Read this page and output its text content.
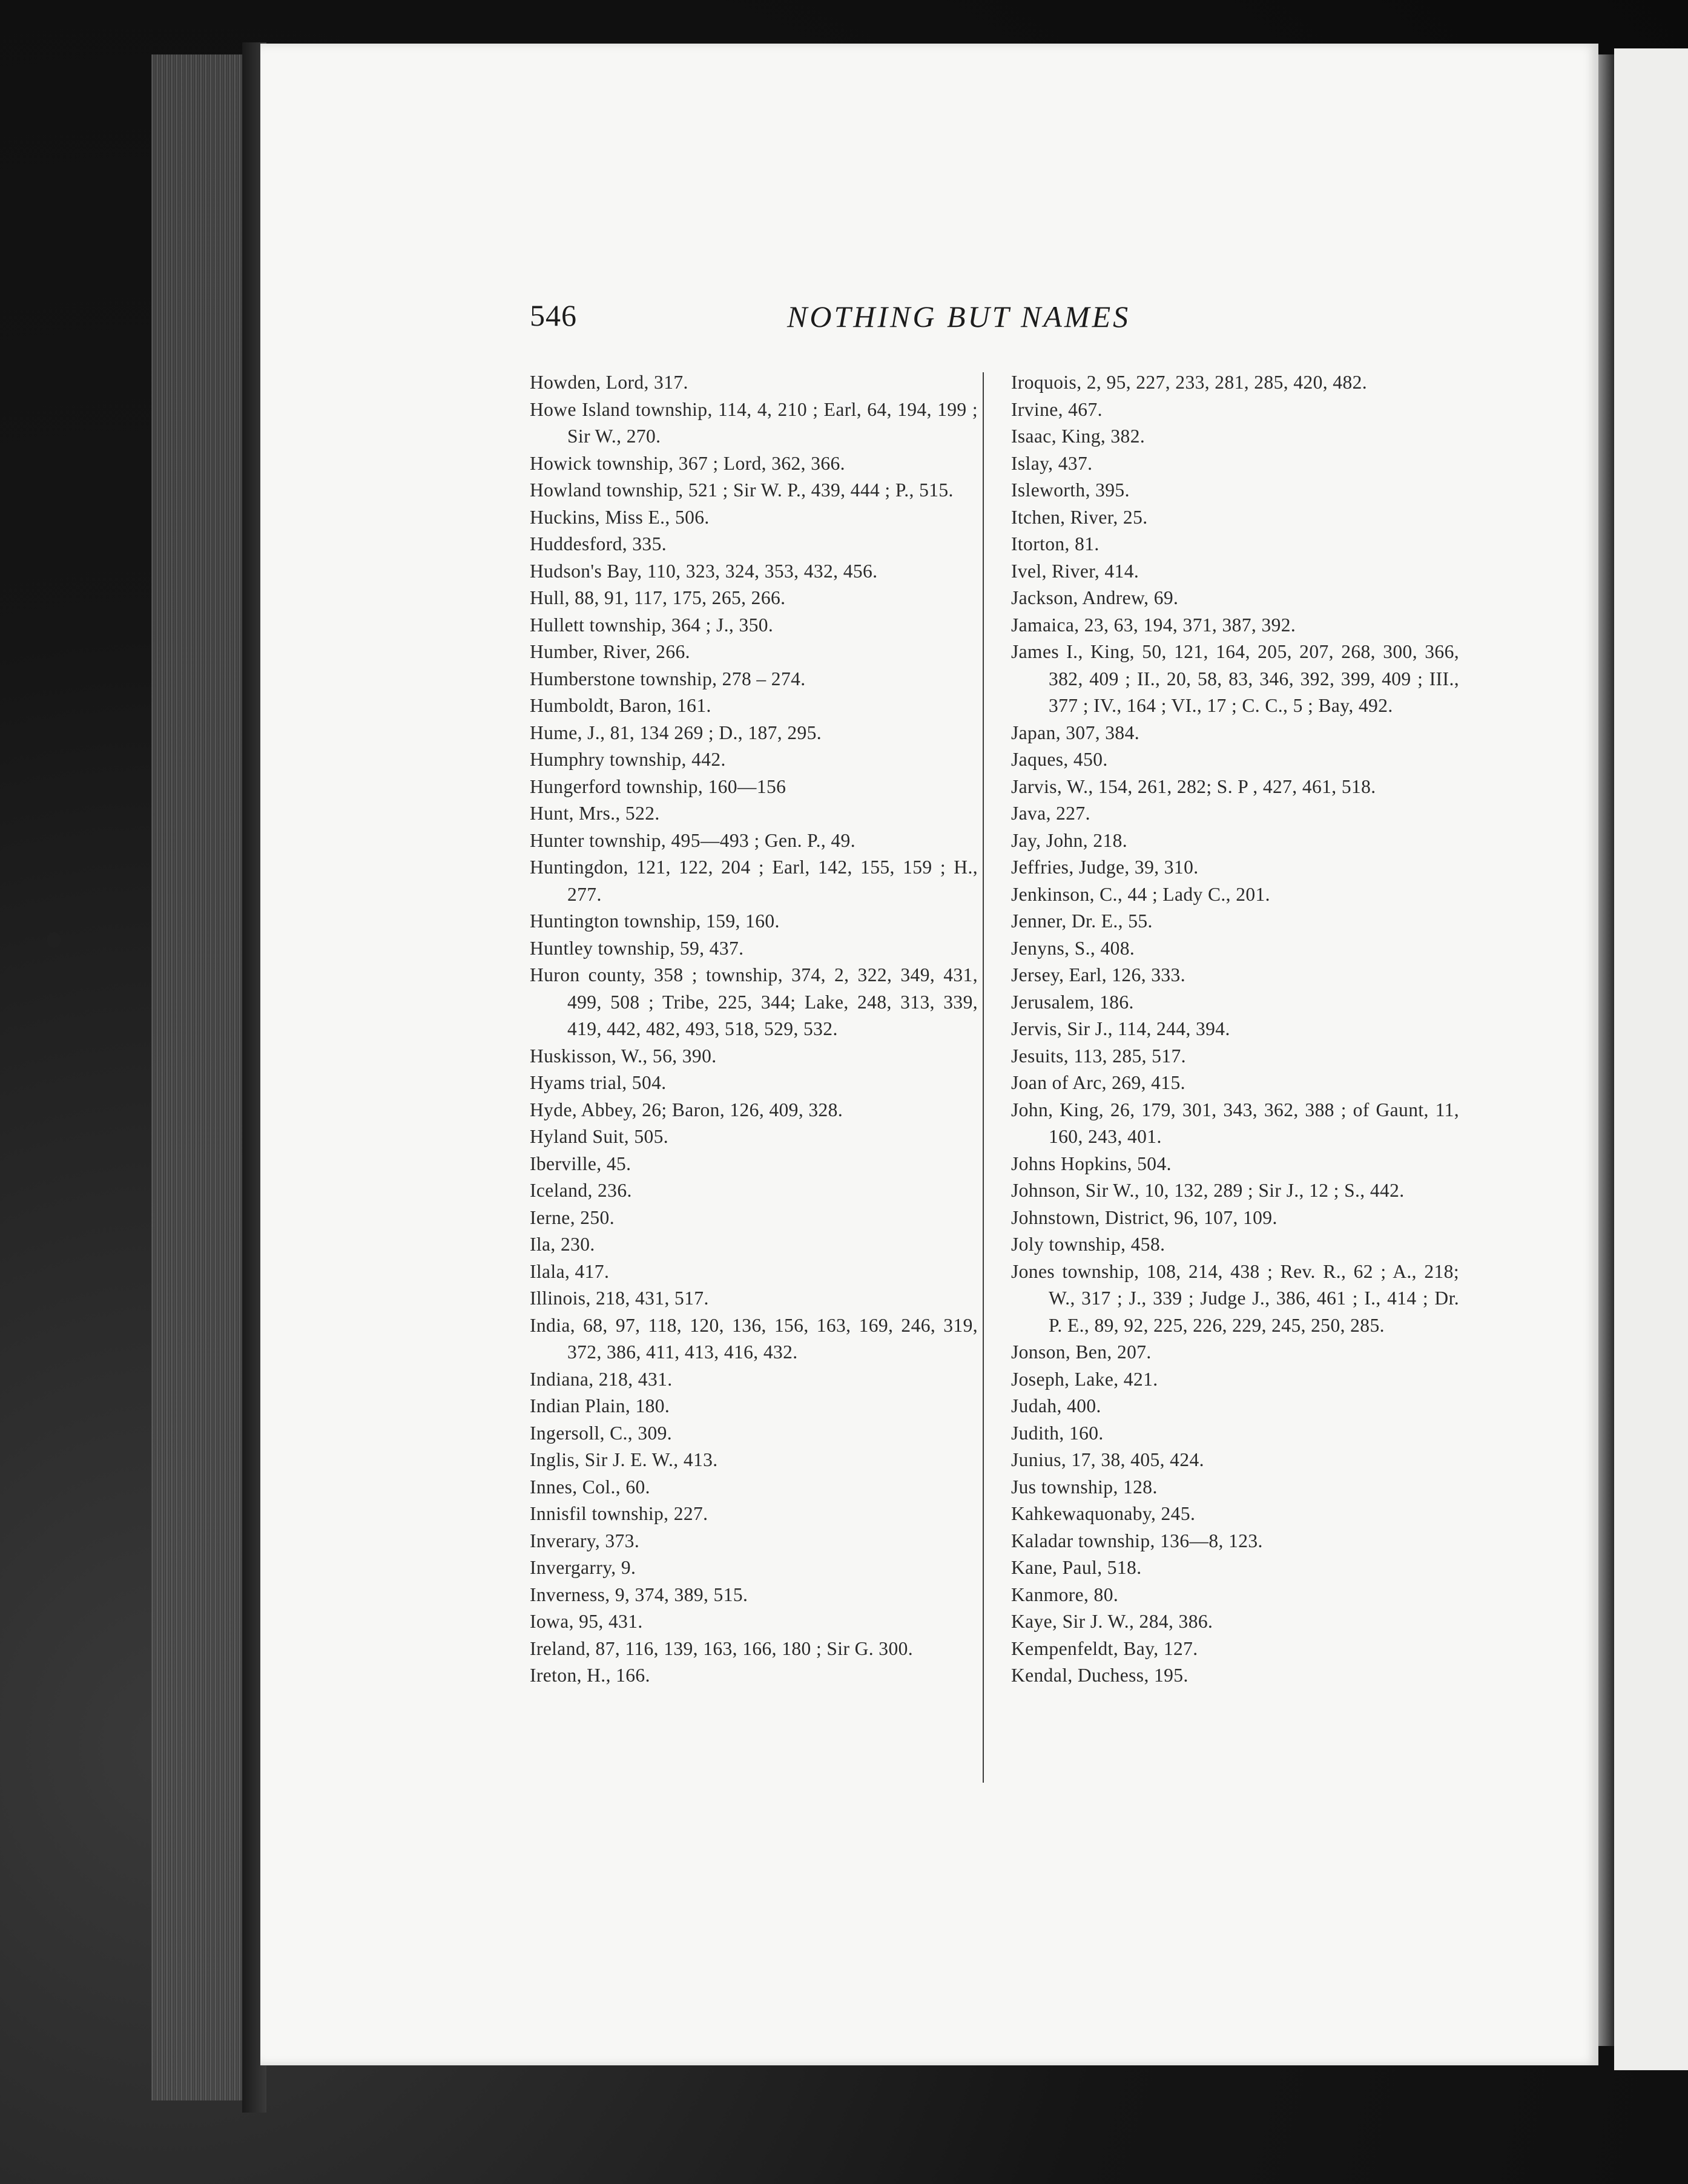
546	NOTHING BUT NAMES
Howden, Lord, 317.
Howe Island township, 114, 4, 210 ; Earl, 64, 194, 199 ; Sir W., 270.
Howick township, 367 ; Lord, 362, 366.
Howland township, 521 ; Sir W. P., 439, 444 ; P., 515.
Huckins, Miss E., 506.
Huddesford, 335.
Hudson's Bay, 110, 323, 324, 353, 432, 456.
Hull, 88, 91, 117, 175, 265, 266.
Hullett township, 364 ; J., 350.
Humber, River, 266.
Humberstone township, 278 – 274.
Humboldt, Baron, 161.
Hume, J., 81, 134 269 ; D., 187, 295.
Humphry township, 442.
Hungerford township, 160—156
Hunt, Mrs., 522.
Hunter township, 495—493 ; Gen. P., 49.
Huntingdon, 121, 122, 204 ; Earl, 142, 155, 159 ; H., 277.
Huntington township, 159, 160.
Huntley township, 59, 437.
Huron county, 358 ; township, 374, 2, 322, 349, 431, 499, 508 ; Tribe, 225, 344; Lake, 248, 313, 339, 419, 442, 482, 493, 518, 529, 532.
Huskisson, W., 56, 390.
Hyams trial, 504.
Hyde, Abbey, 26; Baron, 126, 409, 328.
Hyland Suit, 505.
Iberville, 45.
Iceland, 236.
Ierne, 250.
Ila, 230.
Ilala, 417.
Illinois, 218, 431, 517.
India, 68, 97, 118, 120, 136, 156, 163, 169, 246, 319, 372, 386, 411, 413, 416, 432.
Indiana, 218, 431.
Indian Plain, 180.
Ingersoll, C., 309.
Inglis, Sir J. E. W., 413.
Innes, Col., 60.
Innisfil township, 227.
Inverary, 373.
Invergarry, 9.
Inverness, 9, 374, 389, 515.
Iowa, 95, 431.
Ireland, 87, 116, 139, 163, 166, 180 ; Sir G. 300.
Ireton, H., 166.
Iroquois, 2, 95, 227, 233, 281, 285, 420, 482.
Irvine, 467.
Isaac, King, 382.
Islay, 437.
Isleworth, 395.
Itchen, River, 25.
Itorton, 81.
Ivel, River, 414.
Jackson, Andrew, 69.
Jamaica, 23, 63, 194, 371, 387, 392.
James I., King, 50, 121, 164, 205, 207, 268, 300, 366, 382, 409 ; II., 20, 58, 83, 346, 392, 399, 409 ; III., 377 ; IV., 164 ; VI., 17 ; C. C., 5 ; Bay, 492.
Japan, 307, 384.
Jaques, 450.
Jarvis, W., 154, 261, 282; S. P , 427, 461, 518.
Java, 227.
Jay, John, 218.
Jeffries, Judge, 39, 310.
Jenkinson, C., 44 ; Lady C., 201.
Jenner, Dr. E., 55.
Jenyns, S., 408.
Jersey, Earl, 126, 333.
Jerusalem, 186.
Jervis, Sir J., 114, 244, 394.
Jesuits, 113, 285, 517.
Joan of Arc, 269, 415.
John, King, 26, 179, 301, 343, 362, 388 ; of Gaunt, 11, 160, 243, 401.
Johns Hopkins, 504.
Johnson, Sir W., 10, 132, 289 ; Sir J., 12 ; S., 442.
Johnstown, District, 96, 107, 109.
Joly township, 458.
Jones township, 108, 214, 438 ; Rev. R., 62 ; A., 218; W., 317 ; J., 339 ; Judge J., 386, 461 ; I., 414 ; Dr. P. E., 89, 92, 225, 226, 229, 245, 250, 285.
Jonson, Ben, 207.
Joseph, Lake, 421.
Judah, 400.
Judith, 160.
Junius, 17, 38, 405, 424.
Jus township, 128.
Kahkewaquonaby, 245.
Kaladar township, 136—8, 123.
Kane, Paul, 518.
Kanmore, 80.
Kaye, Sir J. W., 284, 386.
Kempenfeldt, Bay, 127.
Kendal, Duchess, 195.
